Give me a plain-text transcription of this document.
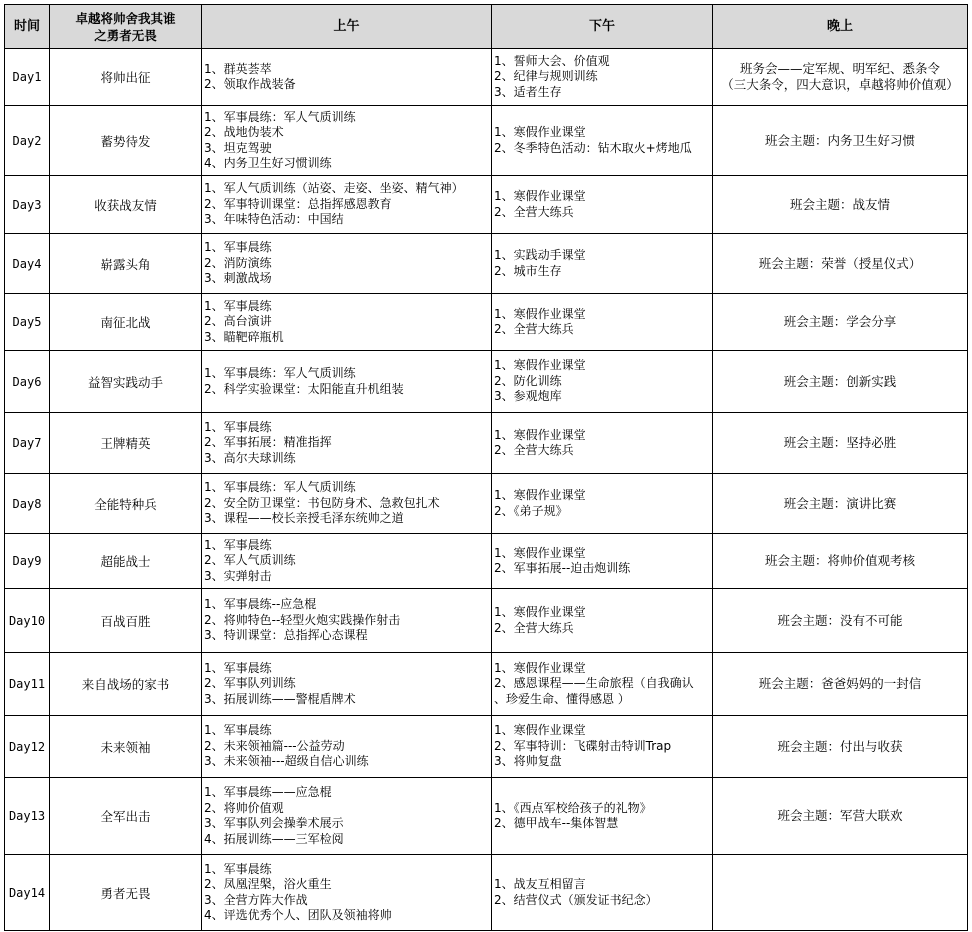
时间	卓越将帅舍我其谁之勇者无畏	上午	下午	晚上
Day1	将帅出征	1、群英荟萃
2、领取作战装备	1、誓师大会、价值观
2、纪律与规则训练
3、适者生存	班务会——定军规、明军纪、悉条令
（三大条令，四大意识，卓越将帅价值观）

Day2	蓄势待发	1、军事晨练：军人气质训练
2、战地伪装术
3、坦克驾驶
4、内务卫生好习惯训练	1、寒假作业课堂
2、冬季特色活动：钻木取火+烤地瓜	班会主题：内务卫生好习惯

Day3	收获战友情	1、军人气质训练（站姿、走姿、坐姿、精气神）
2、军事特训课堂：总指挥感恩教育
3、年味特色活动：中国结	1、寒假作业课堂
2、全营大练兵	班会主题：战友情

Day4	崭露头角	1、军事晨练
2、消防演练
3、刺激战场	1、实践动手课堂
2、城市生存	班会主题：荣誉（授星仪式）

Day5	南征北战	1、军事晨练
2、高台演讲
3、瞄靶碎瓶机	1、寒假作业课堂
2、全营大练兵	班会主题：学会分享

Day6	益智实践动手	1、军事晨练：军人气质训练
2、科学实验课堂：太阳能直升机组装	1、寒假作业课堂
2、防化训练
3、参观炮库	班会主题：创新实践

Day7	王牌精英	1、军事晨练
2、军事拓展：精准指挥
3、高尔夫球训练	1、寒假作业课堂
2、全营大练兵	班会主题：坚持必胜

Day8	全能特种兵	1、军事晨练：军人气质训练
2、安全防卫课堂：书包防身术、急救包扎术
3、课程——校长亲授毛泽东统帅之道	1、寒假作业课堂
2、《弟子规》	班会主题：演讲比赛

Day9	超能战士	1、军事晨练
2、军人气质训练
3、实弹射击	1、寒假作业课堂
2、军事拓展--迫击炮训练	班会主题：将帅价值观考核

Day10	百战百胜	1、军事晨练--应急棍
2、将帅特色--轻型火炮实践操作射击
3、特训课堂：总指挥心态课程	1、寒假作业课堂
2、全营大练兵	班会主题：没有不可能

Day11	来自战场的家书	1、军事晨练
2、军事队列训练
3、拓展训练——警棍盾牌术	1、寒假作业课堂
2、感恩课程——生命旅程（自我确认
、珍爱生命、懂得感恩 ）	班会主题：爸爸妈妈的一封信

Day12	未来领袖	1、军事晨练
2、未来领袖篇---公益劳动
3、未来领袖---超级自信心训练	1、寒假作业课堂
2、军事特训：飞碟射击特训Trap
3、将帅复盘	班会主题：付出与收获

Day13	全军出击	1、军事晨练——应急棍
2、将帅价值观
3、军事队列会操拳术展示
4、拓展训练——三军检阅	1、《西点军校给孩子的礼物》
2、德甲战车--集体智慧	班会主题：军营大联欢

Day14	勇者无畏	1、军事晨练
2、凤凰涅槃，浴火重生
3、全营方阵大作战
4、评选优秀个人、团队及领袖将帅	1、战友互相留言
2、结营仪式（颁发证书纪念）	
